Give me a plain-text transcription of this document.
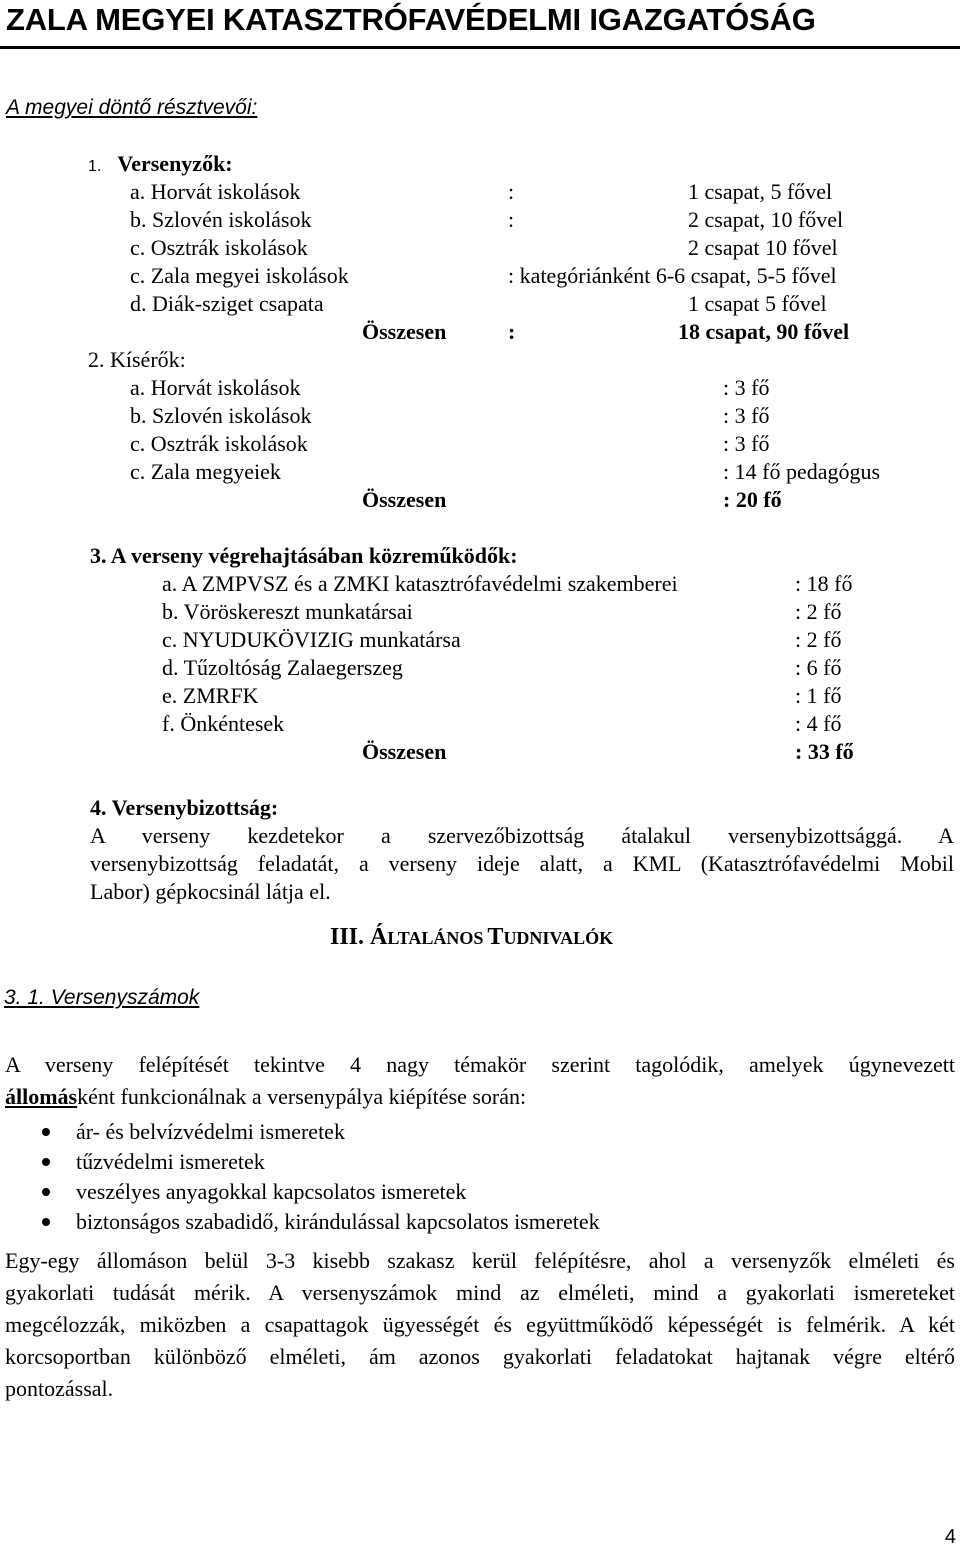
ZALA MEGYEI KATASZTRÓFAVÉDELMI IGAZGATÓSÁG
A megyei döntő résztvevői:
1. Versenyzők:
a. Horvát iskolások	:	1 csapat, 5 fővel
b. Szlovén iskolások	:	2 csapat, 10 fővel
c. Osztrák iskolások	2 csapat 10 fővel
c. Zala megyei iskolások	: kategóriánként 6-6 csapat, 5-5 fővel
d. Diák-sziget csapata	1 csapat 5 fővel
Összesen	:	18 csapat, 90 fővel
2. Kísérők:
a. Horvát iskolások	: 3 fő
b. Szlovén iskolások	: 3 fő
c. Osztrák iskolások	: 3 fő
c. Zala megyeiek	: 14 fő pedagógus
Összesen	: 20 fő
3. A verseny végrehajtásában közreműködők:
a. A ZMPVSZ és a ZMKI katasztrófavédelmi szakemberei	: 18 fő
b. Vöröskereszt munkatársai	: 2 fő
c. NYUDUKÖVIZIG munkatársa	: 2 fő
d. Tűzoltóság Zalaegerszeg	: 6 fő
e. ZMRFK	: 1 fő
f. Önkéntesek	: 4 fő
Összesen	: 33 fő
4. Versenybizottság:
A verseny kezdetekor a szervezőbizottság átalakul versenybizottsággá. A
versenybizottság feladatát, a verseny ideje alatt, a KML (Katasztrófavédelmi Mobil
Labor) gépkocsinál látja el.
III. ÁLTALÁNOS TUDNIVALÓK
3. 1. Versenyszámok
A verseny felépítését tekintve 4 nagy témakör szerint tagolódik, amelyek úgynevezett
állomásként funkcionálnak a versenypálya kiépítése során:
ár- és belvízvédelmi ismeretek
tűzvédelmi ismeretek
veszélyes anyagokkal kapcsolatos ismeretek
biztonságos szabadidő, kirándulással kapcsolatos ismeretek
Egy-egy állomáson belül 3-3 kisebb szakasz kerül felépítésre, ahol a versenyzők elméleti és
gyakorlati tudását mérik. A versenyszámok mind az elméleti, mind a gyakorlati ismereteket
megcélozzák, miközben a csapattagok ügyességét és együttműködő képességét is felmérik. A két
korcsoportban különböző elméleti, ám azonos gyakorlati feladatokat hajtanak végre eltérő
pontozással.
4
